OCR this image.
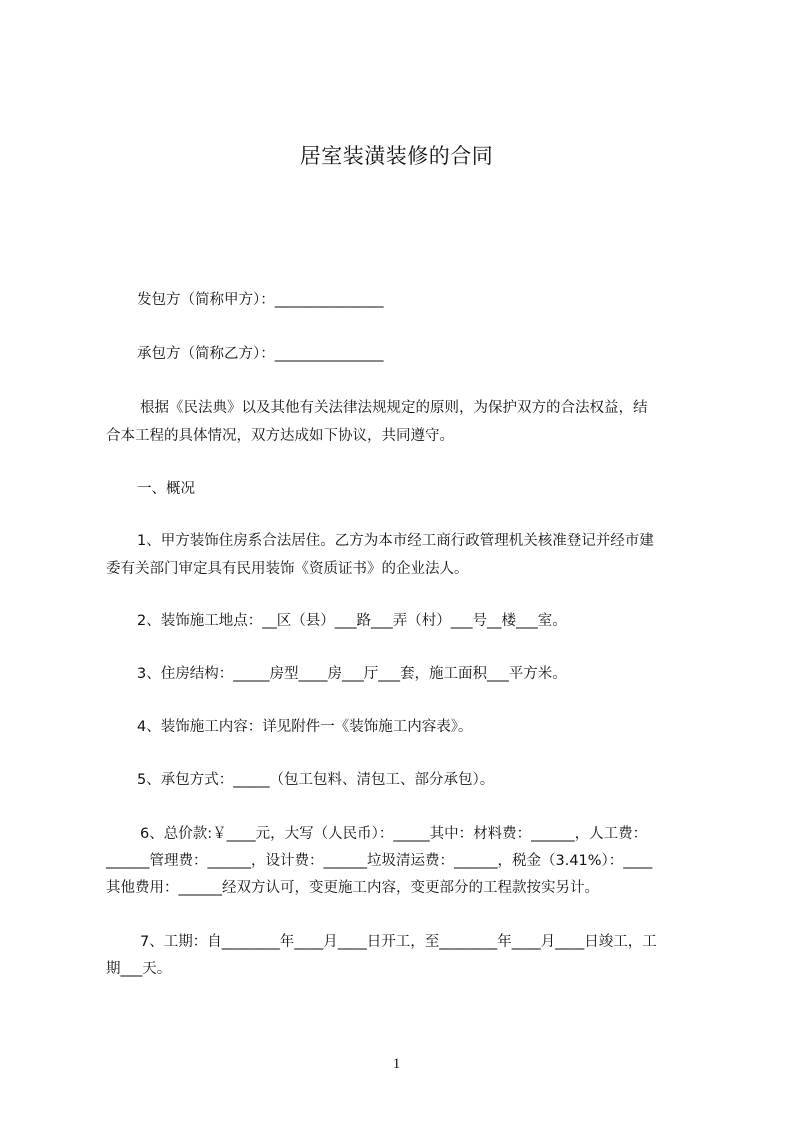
居室装潢装修的合同
发包方（简称甲方）：_______________
承包方（简称乙方）：_______________
根据《民法典》以及其他有关法律法规规定的原则，为保护双方的合法权益，结
合本工程的具体情况，双方达成如下协议，共同遵守。
一、概况
1、甲方装饰住房系合法居住。乙方为本市经工商行政管理机关核准登记并经市建
委有关部门审定具有民用装饰《资质证书》的企业法人。
2、装饰施工地点：__区（县）___路___弄（村）___号__楼___室。
3、住房结构：_____房型____房___厅___套，施工面积___平方米。
4、装饰施工内容：详见附件一《装饰施工内容表》。
5、承包方式：_____（包工包料、清包工、部分承包）。
6、总价款:￥____元，大写（人民币）：_____其中：材料费：______，人工费：
______管理费：______，设计费：______垃圾清运费：______，税金（3.41%）：____
其他费用：______经双方认可，变更施工内容，变更部分的工程款按实另计。
7、工期：自________年____月____日开工，至________年____月____日竣工，工
期___天。
1
